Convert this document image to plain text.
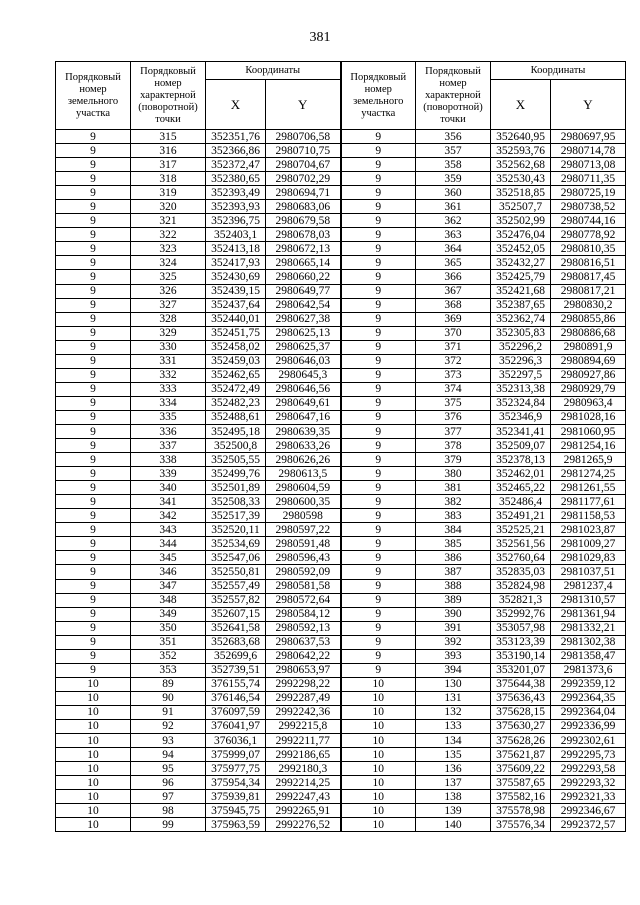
381
Порядковый номер земельного участка	Порядковый номер характерной (поворотной) точки	Координаты		Порядковый номер земельного участка	Порядковый номер характерной (поворотной) точки	Координаты	
		X	Y			X	Y
9	315	352351,76	2980706,58	9	356	352640,95	2980697,95
9	316	352366,86	2980710,75	9	357	352593,76	2980714,78
9	317	352372,47	2980704,67	9	358	352562,68	2980713,08
9	318	352380,65	2980702,29	9	359	352530,43	2980711,35
9	319	352393,49	2980694,71	9	360	352518,85	2980725,19
9	320	352393,93	2980683,06	9	361	352507,7	2980738,52
9	321	352396,75	2980679,58	9	362	352502,99	2980744,16
9	322	352403,1	2980678,03	9	363	352476,04	2980778,92
9	323	352413,18	2980672,13	9	364	352452,05	2980810,35
9	324	352417,93	2980665,14	9	365	352432,27	2980816,51
9	325	352430,69	2980660,22	9	366	352425,79	2980817,45
9	326	352439,15	2980649,77	9	367	352421,68	2980817,21
9	327	352437,64	2980642,54	9	368	352387,65	2980830,2
9	328	352440,01	2980627,38	9	369	352362,74	2980855,86
9	329	352451,75	2980625,13	9	370	352305,83	2980886,68
9	330	352458,02	2980625,37	9	371	352296,2	2980891,9
9	331	352459,03	2980646,03	9	372	352296,3	2980894,69
9	332	352462,65	2980645,3	9	373	352297,5	2980927,86
9	333	352472,49	2980646,56	9	374	352313,38	2980929,79
9	334	352482,23	2980649,61	9	375	352324,84	2980963,4
9	335	352488,61	2980647,16	9	376	352346,9	2981028,16
9	336	352495,18	2980639,35	9	377	352341,41	2981060,95
9	337	352500,8	2980633,26	9	378	352509,07	2981254,16
9	338	352505,55	2980626,26	9	379	352378,13	2981265,9
9	339	352499,76	2980613,5	9	380	352462,01	2981274,25
9	340	352501,89	2980604,59	9	381	352465,22	2981261,55
9	341	352508,33	2980600,35	9	382	352486,4	2981177,61
9	342	352517,39	2980598	9	383	352491,21	2981158,53
9	343	352520,11	2980597,22	9	384	352525,21	2981023,87
9	344	352534,69	2980591,48	9	385	352561,56	2981009,27
9	345	352547,06	2980596,43	9	386	352760,64	2981029,83
9	346	352550,81	2980592,09	9	387	352835,03	2981037,51
9	347	352557,49	2980581,58	9	388	352824,98	2981237,4
9	348	352557,82	2980572,64	9	389	352821,3	2981310,57
9	349	352607,15	2980584,12	9	390	352992,76	2981361,94
9	350	352641,58	2980592,13	9	391	353057,98	2981332,21
9	351	352683,68	2980637,53	9	392	353123,39	2981302,38
9	352	352699,6	2980642,22	9	393	353190,14	2981358,47
9	353	352739,51	2980653,97	9	394	353201,07	2981373,6
10	89	376155,74	2992298,22	10	130	375644,38	2992359,12
10	90	376146,54	2992287,49	10	131	375636,43	2992364,35
10	91	376097,59	2992242,36	10	132	375628,15	2992364,04
10	92	376041,97	2992215,8	10	133	375630,27	2992336,99
10	93	376036,1	2992211,77	10	134	375628,26	2992302,61
10	94	375999,07	2992186,65	10	135	375621,87	2992295,73
10	95	375977,75	2992180,3	10	136	375609,22	2992293,58
10	96	375954,34	2992214,25	10	137	375587,65	2992293,32
10	97	375939,81	2992247,43	10	138	375582,16	2992321,33
10	98	375945,75	2992265,91	10	139	375578,98	2992346,67
10	99	375963,59	2992276,52	10	140	375576,34	2992372,57
